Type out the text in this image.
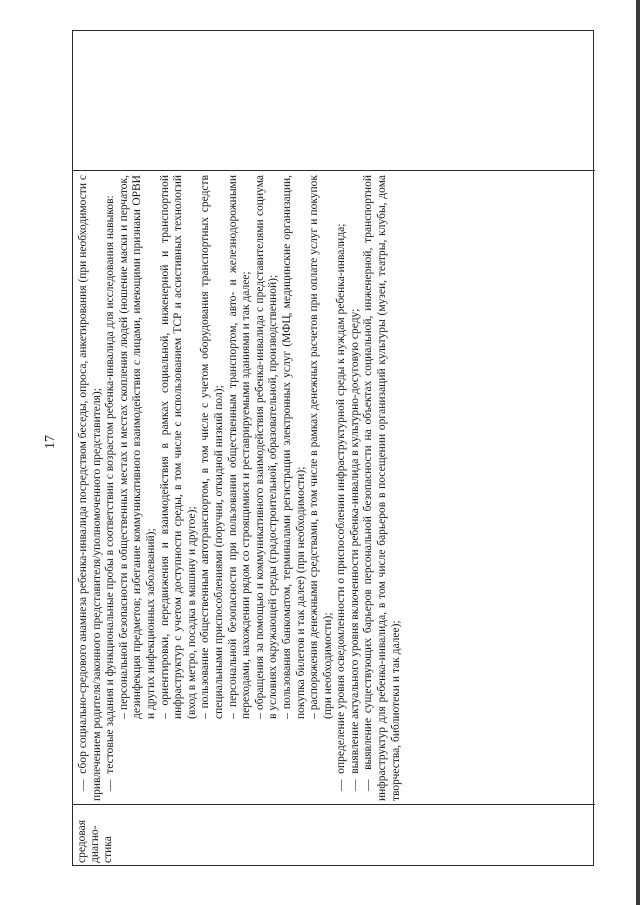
17
средовая диагно-стика

—  сбор социально-средового анамнеза ребенка-инвалида посредством беседы, опроса, анкетирования (при необходимости с привлечением родителя/законного представителя/уполномоченного представителя); —  тестовые задания и функциональные пробы в соответствии с возрастом ребенка-инвалида для исследования навыков: – персональной безопасности в общественных местах и местах скопления людей (ношение маски и перчаток, дезинфекция предметов; избегание коммуникативного взаимодействия с лицами, имеющими признаки ОРВИ и других инфекционных заболеваний); – ориентировки, передвижения и взаимодействия в рамках социальной, инженерной и транспортной инфраструктур с учетом доступности среды, в том числе с использованием ТСР и ассистивных технологий (вход в метро, посадка в машину и другое); – пользование общественным автотранспортом, в том числе с учетом оборудования транспортных средств специальными приспособлениями (поручни, откидной низкий пол); – персональной безопасности при пользовании общественным транспортом, авто- и железнодорожными переходами, нахождении рядом со строящимися и реставрируемыми зданиями и так далее; – обращения за помощью и коммуникативного взаимодействия ребенка-инвалида с представителями социума в условиях окружающей среды (градостроительной, образовательной, производственной); – пользования банкоматом, терминалами регистрации электронных услуг (МФЦ, медицинские организации, покупка билетов и так далее) (при необходимости); – распоряжения денежными средствами, в том числе в рамках денежных расчетов при оплате услуг и покупок (при необходимости); —  определение уровня осведомленности о приспособлении инфраструктурной среды к нуждам ребенка-инвалида; —  выявление актуального уровня включенности ребенка-инвалида в культурно-досуговую среду; —  выявление существующих барьеров персональной безопасности на объектах социальной, инженерной, транспортной инфраструктур для ребенка-инвалида, в том числе барьеров в посещении организаций культуры (музеи, театры, клубы, дома творчества, библиотеки и так далее);
